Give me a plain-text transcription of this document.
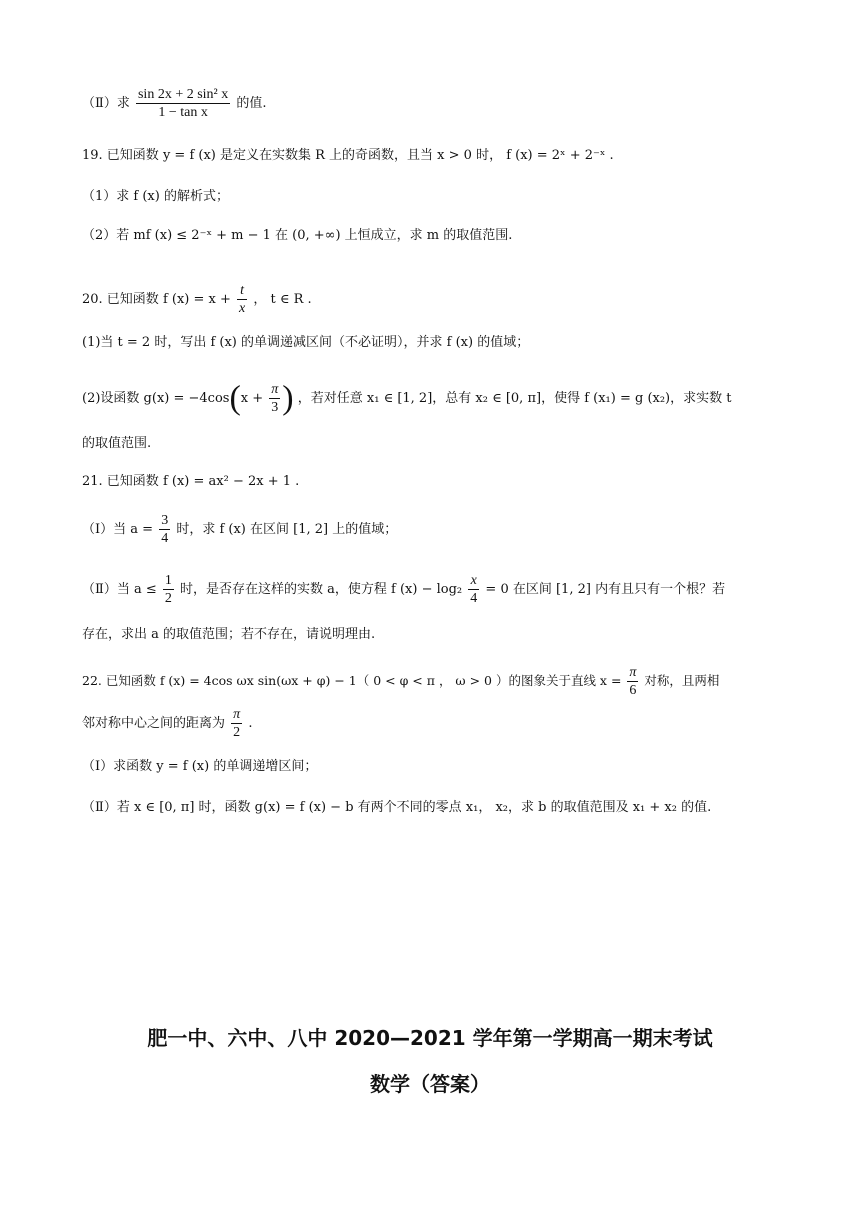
（Ⅱ）求 $\frac{\text{sin 2x + 2 sin² x}}{\text{1 − tan x}}$ 的值.
19. 已知函数 y = f (x) 是定义在实数集 R 上的奇函数，且当 x > 0 时， f (x) = 2ˣ + 2⁻ˣ .
（1）求 f (x) 的解析式；
（2）若 mf (x) ≤ 2⁻ˣ + m − 1 在 (0, +∞) 上恒成立，求 m 的取值范围.
20. 已知函数 f $(x) = x + \frac{t}{x}$ ， t ∈ R .
(1)当 t = 2 时，写出 f (x) 的单调递减区间（不必证明），并求 f (x) 的值域；
(2)设函数 $g(x) = -4\cos(x + \frac{\pi}{3}$ ) ，若对任意 x₁ ∈ [1, 2]，总有 x₂ ∈ [0, π]，使得 f (x₁) = g (x₂)，求实数 t
的取值范围.
21. 已知函数 f (x) = ax² − 2x + 1 .
（Ⅰ）当 $a = \frac{3}{4}$ 时，求 f (x) 在区间 [1, 2] 上的值域；
（Ⅱ）当 $a \le \frac{1}{2}$ 时，是否存在这样的实数 a，使方程 f $(x) - \log_2 \frac{x}{4} = 0$ 在区间 [1, 2] 内有且只有一个根？若
存在，求出 a 的取值范围；若不存在，请说明理由.
22. 已知函数 f (x) = 4cos ωx sin(ωx + φ) − 1（ 0 < φ < π ， ω > 0 ）的图象关于直线 $x = \frac{\pi}{6}$ 对称，且两相
邻对称中心之间的距离为 $\frac{\pi}{2}$ .
（Ⅰ）求函数 y = f (x) 的单调递增区间；
（Ⅱ）若 x ∈ [0, π] 时，函数 g(x) = f (x) − b 有两个不同的零点 x₁， x₂，求 b 的取值范围及 x₁ + x₂ 的值.
肥一中、六中、八中 2020—2021 学年第一学期高一期末考试
数学（答案）
